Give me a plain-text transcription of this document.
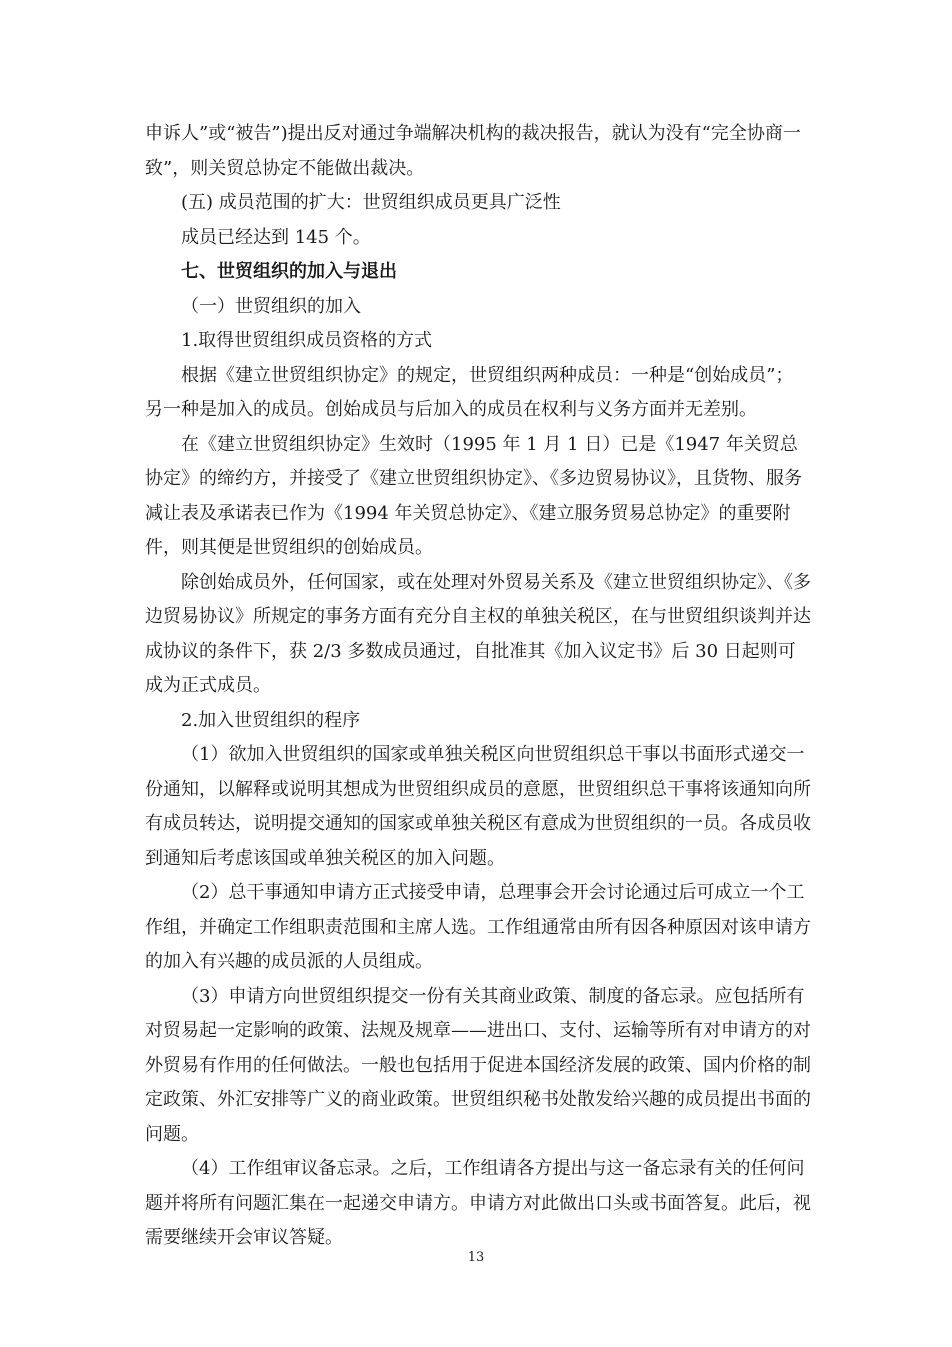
申诉人”或“被告”)提出反对通过争端解决机构的裁决报告，就认为没有“完全协商一致”，则关贸总协定不能做出裁决。

(五) 成员范围的扩大：世贸组织成员更具广泛性

成员已经达到 145 个。

七、世贸组织的加入与退出

（一）世贸组织的加入

1.取得世贸组织成员资格的方式

根据《建立世贸组织协定》的规定，世贸组织两种成员：一种是“创始成员”；另一种是加入的成员。创始成员与后加入的成员在权利与义务方面并无差别。

在《建立世贸组织协定》生效时（1995 年 1 月 1 日）已是《1947 年关贸总协定》的缔约方，并接受了《建立世贸组织协定》、《多边贸易协议》，且货物、服务减让表及承诺表已作为《1994 年关贸总协定》、《建立服务贸易总协定》的重要附件，则其便是世贸组织的创始成员。

除创始成员外，任何国家，或在处理对外贸易关系及《建立世贸组织协定》、《多边贸易协议》所规定的事务方面有充分自主权的单独关税区，在与世贸组织谈判并达成协议的条件下，获 2/3 多数成员通过，自批准其《加入议定书》后 30 日起则可成为正式成员。

2.加入世贸组织的程序

（1）欲加入世贸组织的国家或单独关税区向世贸组织总干事以书面形式递交一份通知，以解释或说明其想成为世贸组织成员的意愿，世贸组织总干事将该通知向所有成员转达，说明提交通知的国家或单独关税区有意成为世贸组织的一员。各成员收到通知后考虑该国或单独关税区的加入问题。

（2）总干事通知申请方正式接受申请，总理事会开会讨论通过后可成立一个工作组，并确定工作组职责范围和主席人选。工作组通常由所有因各种原因对该申请方的加入有兴趣的成员派的人员组成。

（3）申请方向世贸组织提交一份有关其商业政策、制度的备忘录。应包括所有对贸易起一定影响的政策、法规及规章——进出口、支付、运输等所有对申请方的对外贸易有作用的任何做法。一般也包括用于促进本国经济发展的政策、国内价格的制定政策、外汇安排等广义的商业政策。世贸组织秘书处散发给兴趣的成员提出书面的问题。

（4）工作组审议备忘录。之后，工作组请各方提出与这一备忘录有关的任何问题并将所有问题汇集在一起递交申请方。申请方对此做出口头或书面答复。此后，视需要继续开会审议答疑。

13
